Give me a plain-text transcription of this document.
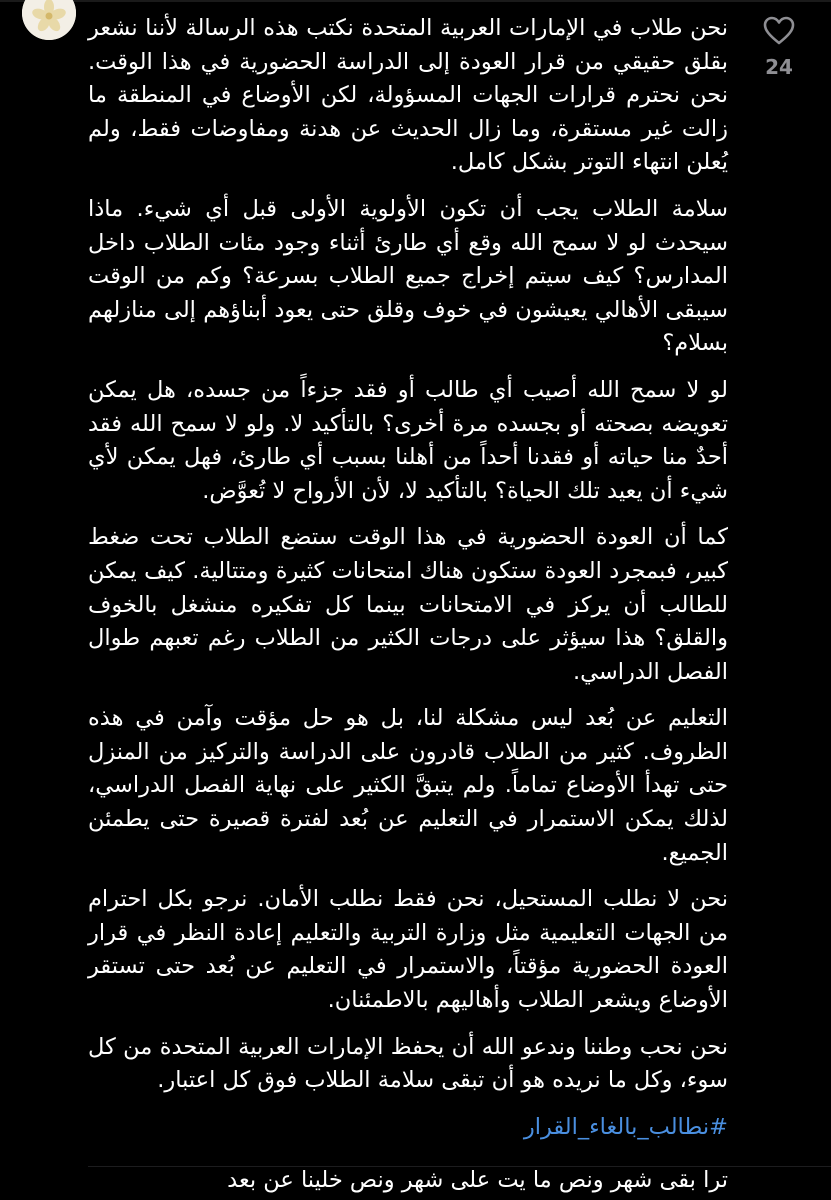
24

نحن طلاب في الإمارات العربية المتحدة نكتب هذه الرسالة لأننا نشعر بقلق حقيقي من قرار العودة إلى الدراسة الحضورية في هذا الوقت. نحن نحترم قرارات الجهات المسؤولة، لكن الأوضاع في المنطقة ما زالت غير مستقرة، وما زال الحديث عن هدنة ومفاوضات فقط، ولم يُعلن انتهاء التوتر بشكل كامل.

سلامة الطلاب يجب أن تكون الأولوية الأولى قبل أي شيء. ماذا سيحدث لو لا سمح الله وقع أي طارئ أثناء وجود مئات الطلاب داخل المدارس؟ كيف سيتم إخراج جميع الطلاب بسرعة؟ وكم من الوقت سيبقى الأهالي يعيشون في خوف وقلق حتى يعود أبناؤهم إلى منازلهم بسلام؟

لو لا سمح الله أصيب أي طالب أو فقد جزءاً من جسده، هل يمكن تعويضه بصحته أو بجسده مرة أخرى؟ بالتأكيد لا. ولو لا سمح الله فقد أحدٌ منا حياته أو فقدنا أحداً من أهلنا بسبب أي طارئ، فهل يمكن لأي شيء أن يعيد تلك الحياة؟ بالتأكيد لا، لأن الأرواح لا تُعوَّض.

كما أن العودة الحضورية في هذا الوقت ستضع الطلاب تحت ضغط كبير، فبمجرد العودة ستكون هناك امتحانات كثيرة ومتتالية. كيف يمكن للطالب أن يركز في الامتحانات بينما كل تفكيره منشغل بالخوف والقلق؟ هذا سيؤثر على درجات الكثير من الطلاب رغم تعبهم طوال الفصل الدراسي.

التعليم عن بُعد ليس مشكلة لنا، بل هو حل مؤقت وآمن في هذه الظروف. كثير من الطلاب قادرون على الدراسة والتركيز من المنزل حتى تهدأ الأوضاع تماماً. ولم يتبقَّ الكثير على نهاية الفصل الدراسي، لذلك يمكن الاستمرار في التعليم عن بُعد لفترة قصيرة حتى يطمئن الجميع.

نحن لا نطلب المستحيل، نحن فقط نطلب الأمان. نرجو بكل احترام من الجهات التعليمية مثل وزارة التربية والتعليم إعادة النظر في قرار العودة الحضورية مؤقتاً، والاستمرار في التعليم عن بُعد حتى تستقر الأوضاع ويشعر الطلاب وأهاليهم بالاطمئنان.

نحن نحب وطننا وندعو الله أن يحفظ الإمارات العربية المتحدة من كل سوء، وكل ما نريده هو أن تبقى سلامة الطلاب فوق كل اعتبار.

#نطالب_بالغاء_القرار
ترا بقى شهر ونص ما يت على شهر ونص خلينا عن بعد
